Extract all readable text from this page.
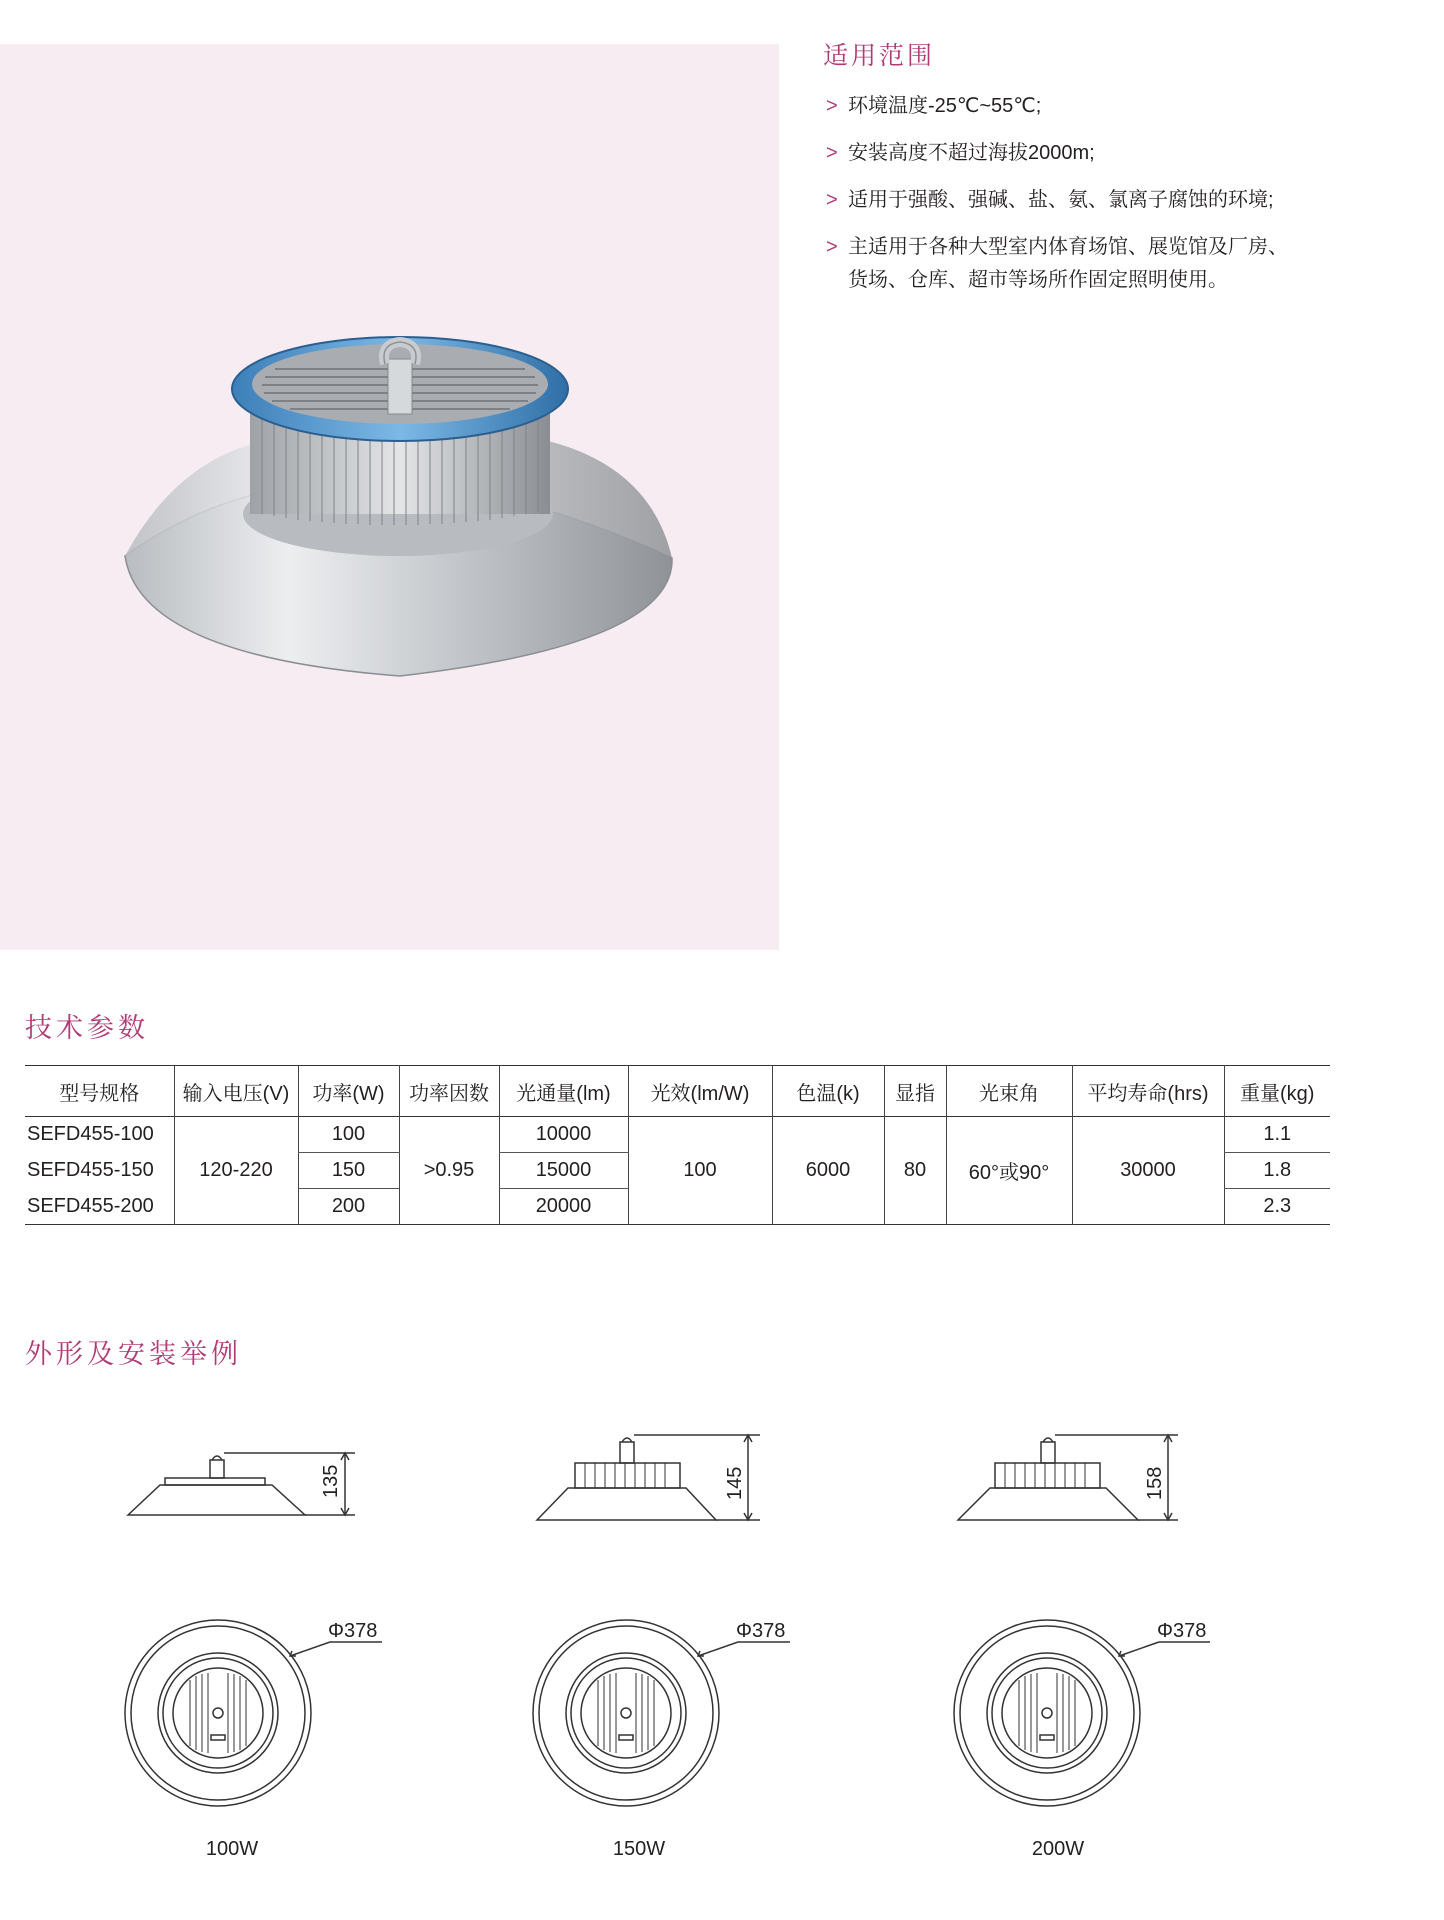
适用范围
> 环境温度-25℃~55℃;
> 安装高度不超过海拔2000m;
> 适用于强酸、强碱、盐、氨、氯离子腐蚀的环境;
> 主适用于各种大型室内体育场馆、展览馆及厂房、
货场、仓库、超市等场所作固定照明使用。
技术参数
型号规格	输入电压(V)	功率(W)	功率因数	光通量(lm)	光效(lm/W)	色温(k)	显指	光束角	平均寿命(hrs)	重量(kg)
SEFD455-100	120-220	100	>0.95	10000	100	6000	80	60°或90°	30000	1.1
SEFD455-150		150		15000						1.8
SEFD455-200		200		20000						2.3
外形及安装举例
135	145	158
Φ378	Φ378	Φ378
100W	150W	200W
